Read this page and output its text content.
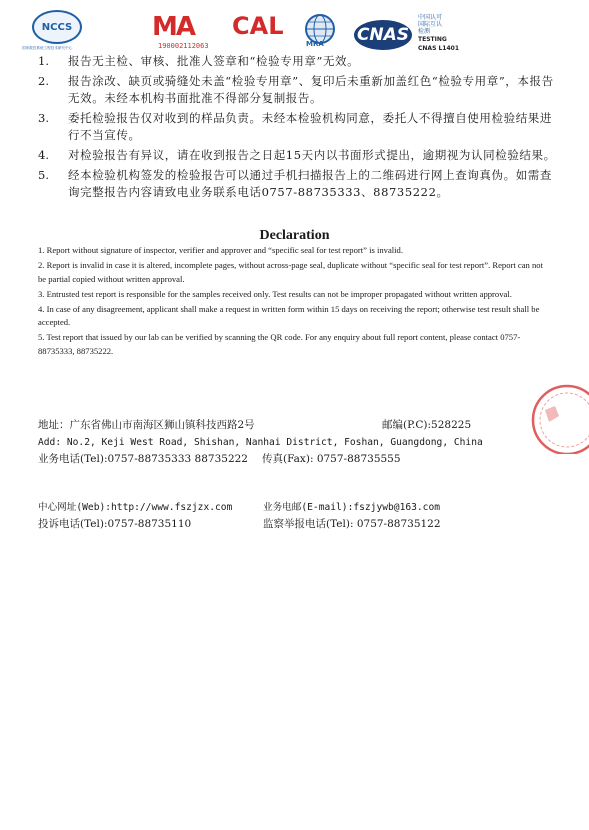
NCCS
国家数控系统工程技术研究中心
MA
190002112063
CAL
MRA CNAS
中国认可
国际互认
检测
TESTING
CNAS L1401
1.	报告无主检、审核、批准人签章和“检验专用章”无效。
2.	报告涂改、缺页或骑缝处未盖“检验专用章”、复印后未重新加盖红色“检验专用章”，本报告无效。未经本机构书面批准不得部分复制报告。
3.	委托检验报告仅对收到的样品负责。未经本检验机构同意，委托人不得擅自使用检验结果进行不当宣传。
4.	对检验报告有异议，请在收到报告之日起15天内以书面形式提出，逾期视为认同检验结果。
5.	经本检验机构签发的检验报告可以通过手机扫描报告上的二维码进行网上查询真伪。如需查询完整报告内容请致电业务联系电话0757-88735333、88735222。
Declaration
1. Report without signature of inspector, verifier and approver and “specific seal for test report” is invalid.
2. Report is invalid in case it is altered, incomplete pages, without across-page seal, duplicate without “specific seal for test report”. Report can not be partial copied without written approval.
3. Entrusted test report is responsible for the samples received only. Test results can not be improper propagated without written approval.
4. In case of any disagreement, applicant shall make a request in written form within 15 days on receiving the report; otherwise test result shall be accepted.
5. Test report that issued by our lab can be verified by scanning the QR code. For any enquiry about full report content, please contact 0757-88735333, 88735222.
地址：广东省佛山市南海区狮山镇科技西路2号	邮编(P.C):528225
Add: No.2, Keji West Road, Shishan, Nanhai District, Foshan, Guangdong, China
业务电话(Tel):0757-88735333 88735222 传真(Fax): 0757-88735555
中心网址(Web):http://www.fszjzx.com	业务电邮(E-mail):fszjywb@163.com
投诉电话(Tel):0757-88735110	监察举报电话(Tel): 0757-88735122
